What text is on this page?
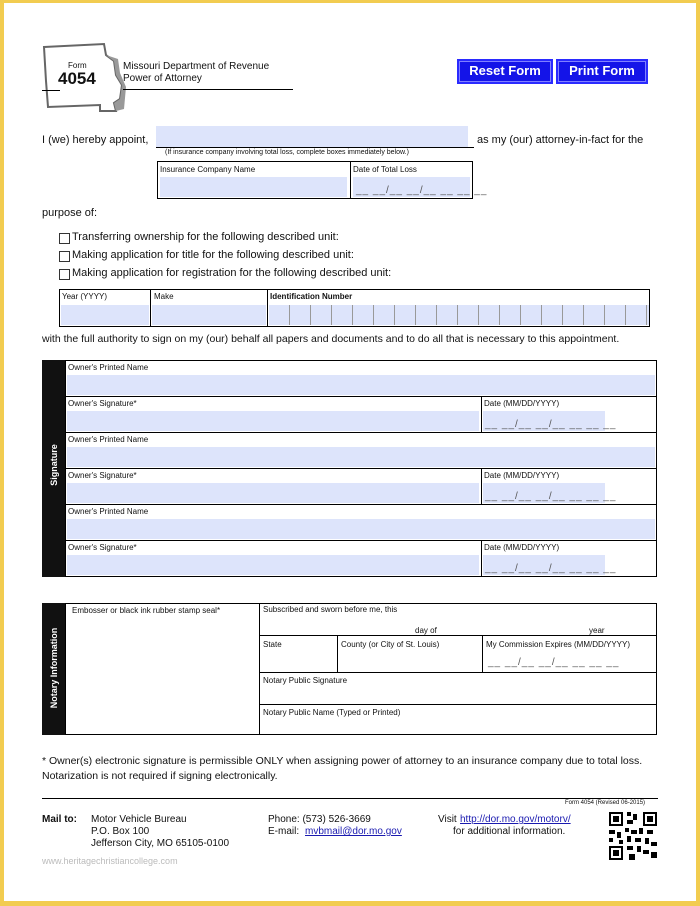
Form
4054
Missouri Department of Revenue
Power of Attorney
Reset Form	Print Form
I (we) hereby appoint,	as my (our) attorney-in-fact for the
(If insurance company involving total loss, complete boxes immediately below.)
Insurance Company Name	Date of Total Loss
__ __/__ __/__ __ __ __
purpose of:
Transferring ownership for the following described unit:
Making application for title for the following described unit:
Making application for registration for the following described unit:
Year (YYYY)	Make	Identification Number
with the full authority to sign on my (our) behalf all papers and documents and to do all that is necessary to this appointment.
Signature
Owner's Printed Name
Owner's Signature*	Date (MM/DD/YYYY)
__ __/__ __/__ __ __ __
Owner's Printed Name
Owner's Signature*	Date (MM/DD/YYYY)
__ __/__ __/__ __ __ __
Owner's Printed Name
Owner's Signature*	Date (MM/DD/YYYY)
__ __/__ __/__ __ __ __
Notary Information
Embosser or black ink rubber stamp seal*	Subscribed and sworn before me, this
day of	year
State	County (or City of St. Louis)	My Commission Expires (MM/DD/YYYY)
__ __/__ __/__ __ __ __
Notary Public Signature
Notary Public Name (Typed or Printed)
* Owner(s) electronic signature is permissible ONLY when assigning power of attorney to an insurance company due to total loss. Notarization is not required if signing electronically.
Form 4054 (Revised 06-2015)
Mail to: Motor Vehicle Bureau
P.O. Box 100
Jefferson City, MO 65105-0100
Phone: (573) 526-3669
E-mail: mvbmail@dor.mo.gov
Visit http://dor.mo.gov/motorv/
for additional information.
www.heritagechristiancollege.com
